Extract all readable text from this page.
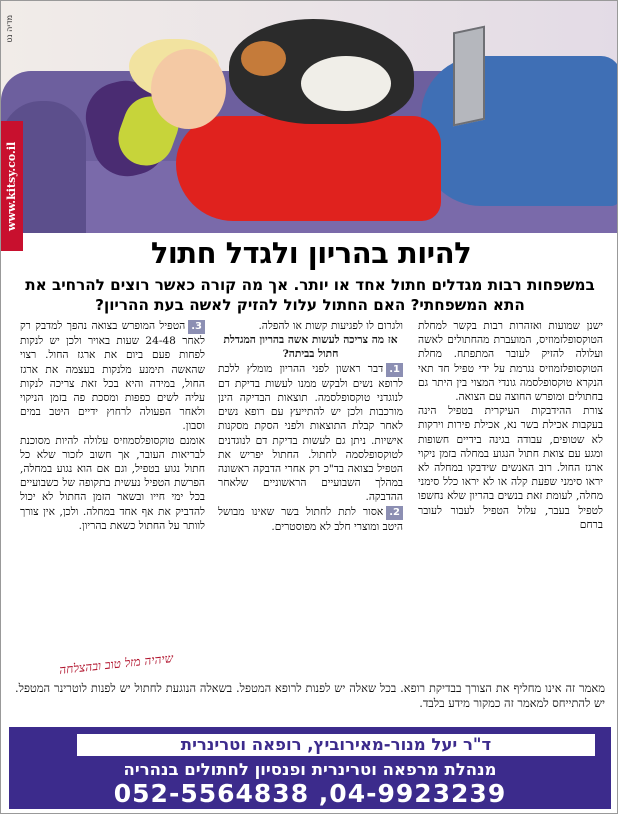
מדיה נט
www.kitsy.co.il
להיות בהריון ולגדל חתול
במשפחות רבות מגדלים חתול אחד או יותר. אך מה קורה כאשר רוצים להרחיב את התא המשפחתי? האם החתול עלול להזיק לאשה בעת ההריון?

ישנן שמועות ואזהרות רבות בקשר למחלת הטוקסופלזמוזיס, המועברת מהחתולים לאשה ועלולה להזיק לעובר המתפתח. מחלת הטוקסופלזמוזיס נגרמת על ידי טפיל חד תאי הנקרא טוקסופלסמה גונדי המצוי בין היתר גם בחתולים ומופרש החוצה עם הצואה.

צורת ההידבקות העיקרית בטפיל הינה בעקבות אכילת בשר נא, אכילת פירות וירקות לא שטופים, עבודה בגינה בידיים חשופות ומגע עם צואת חתול הנגוע במחלה בזמן ניקוי ארגז החול. רוב האנשים שידבקו במחלה לא יראו סימני שפעת קלה או לא יראו כלל סימני מחלה, לעומת זאת בנשים בהריון שלא נחשפו לטפיל בעבר, עלול הטפיל לעבור לעובר ברחם

ולגרום לו לפגיעות קשות או להפלה.

אז מה צריכה לעשות אשה בהריון המגדלת חתול בביתה?

1.דבר ראשון לפני ההריון מומלץ ללכת לרופא נשים ולבקש ממנו לעשות בדיקת דם לנוגדני טוקסופלסמה. תוצאות הבדיקה הינן מורכבות ולכן יש להתייעץ עם רופא נשים לאחר קבלת התוצאות ולפני הסקת מסקנות אישיות. ניתן גם לעשות בדיקת דם לנוגדנים לטוקסופלסמה לחתול. החתול יפריש את הטפיל בצואה בד"כ רק אחרי הדבקה ראשונה במהלך השבועיים הראשוניים שלאחר ההדבקה.

2.אסור לתת לחתול בשר שאינו מבושל היטב ומוצרי חלב לא מפוסטרים.

3.הטפיל המופרש בצואה נהפך למדבק רק לאחר 24-48 שעות באויר ולכן יש לנקות לפחות פעם ביום את ארגז החול. רצוי שהאשה תימנע מלנקות בעצמה את ארגז החול, במידה והיא בכל זאת צריכה לנקות עליה לשים כפפות ומסכת פה בזמן הניקוי ולאחר הפעולה לרחוץ ידיים היטב במים וסבון.

אומנם טוקסופלסמוזיס עלולה להיות מסוכנת לבריאות העובר, אך חשוב לזכור שלא כל חתול נגוע בטפיל, וגם אם הוא נגוע במחלה, הפרשת הטפיל נעשית בתקופה של כשבועיים בכל ימי חייו ובשאר הזמן החתול לא יכול להדביק את אף אחד במחלה. ולכן, אין צורך לוותר על החתול כשאת בהריון.

שיהיה מזל טוב ובהצלחה
מאמר זה אינו מחליף את הצורך בבדיקת רופא. בכל שאלה יש לפנות לרופא המטפל. בשאלה הנוגעת לחתול יש לפנות לוטרינר המטפל. יש להתייחס למאמר זה כמקור מידע בלבד.
ד"ר יעל מנור-מאירוביץ, רופאה וטרינרית
מנהלת מרפאה וטרינרית ופנסיון לחתולים בנהריה
052-5564838 ,04-9923239
